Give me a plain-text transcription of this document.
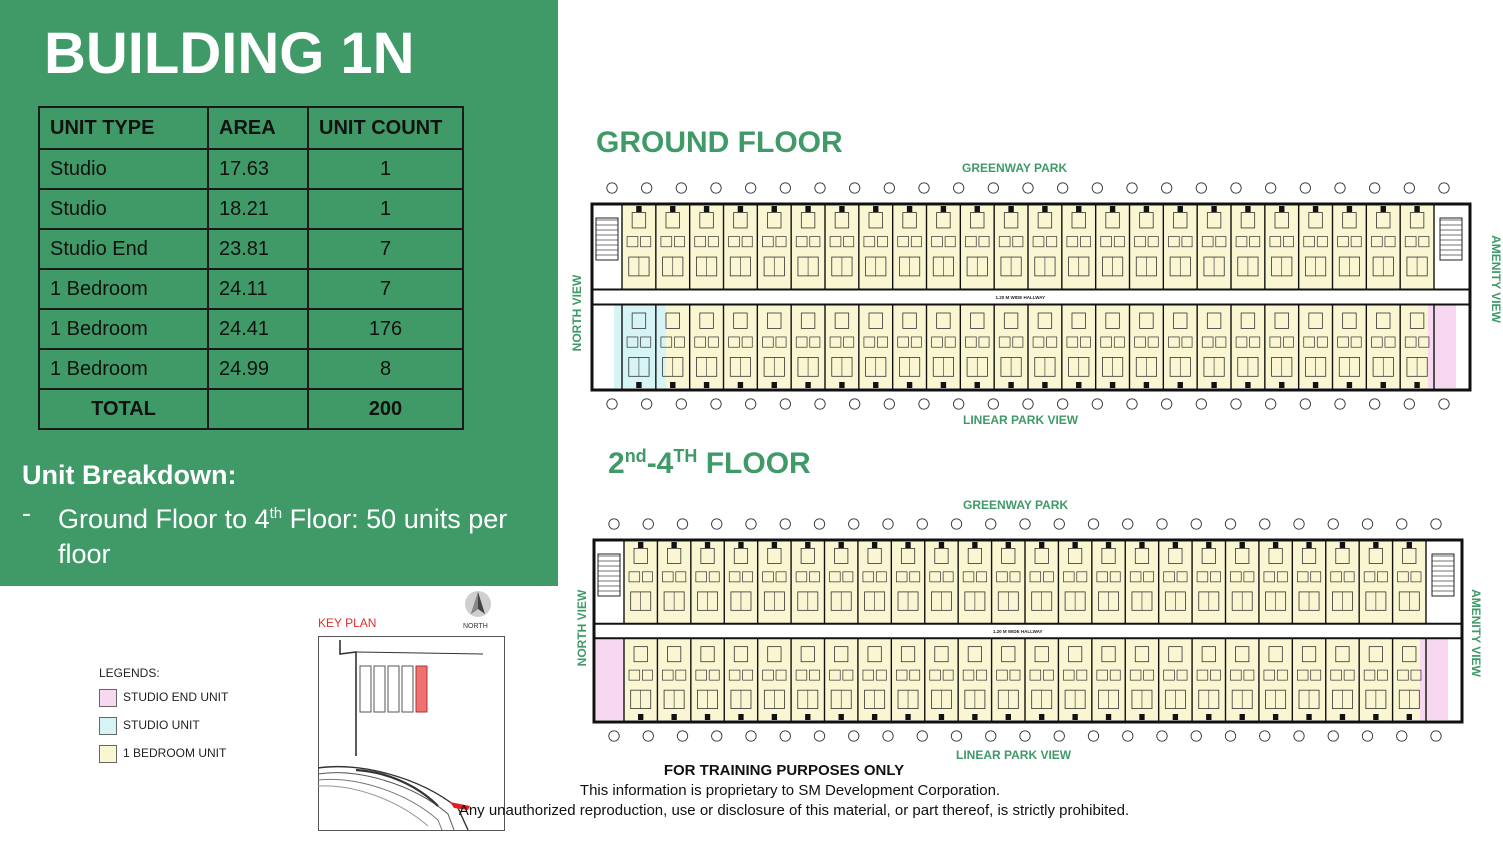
BUILDING 1N
UNIT TYPE	AREA	UNIT COUNT
Studio	17.63	1
Studio	18.21	1
Studio End	23.81	7
1 Bedroom	24.11	7
1 Bedroom	24.41	176
1 Bedroom	24.99	8
TOTAL		200
Unit Breakdown:
- Ground Floor to 4th Floor: 50 units per floor
GROUND FLOOR
GREENWAY PARK
LINEAR PARK VIEW
NORTH VIEW	AMENITY VIEW
1.20 M WIDE HALLWAY
2nd-4TH FLOOR
GREENWAY PARK
LINEAR PARK VIEW
NORTH VIEW	AMENITY VIEW
1.20 M WIDE HALLWAY
LEGENDS:
STUDIO END UNIT
STUDIO UNIT
1 BEDROOM UNIT
KEY PLAN	NORTH
FOR TRAINING PURPOSES ONLY
This information is proprietary to SM Development Corporation.
Any unauthorized reproduction, use or disclosure of this material, or part thereof, is strictly prohibited.
